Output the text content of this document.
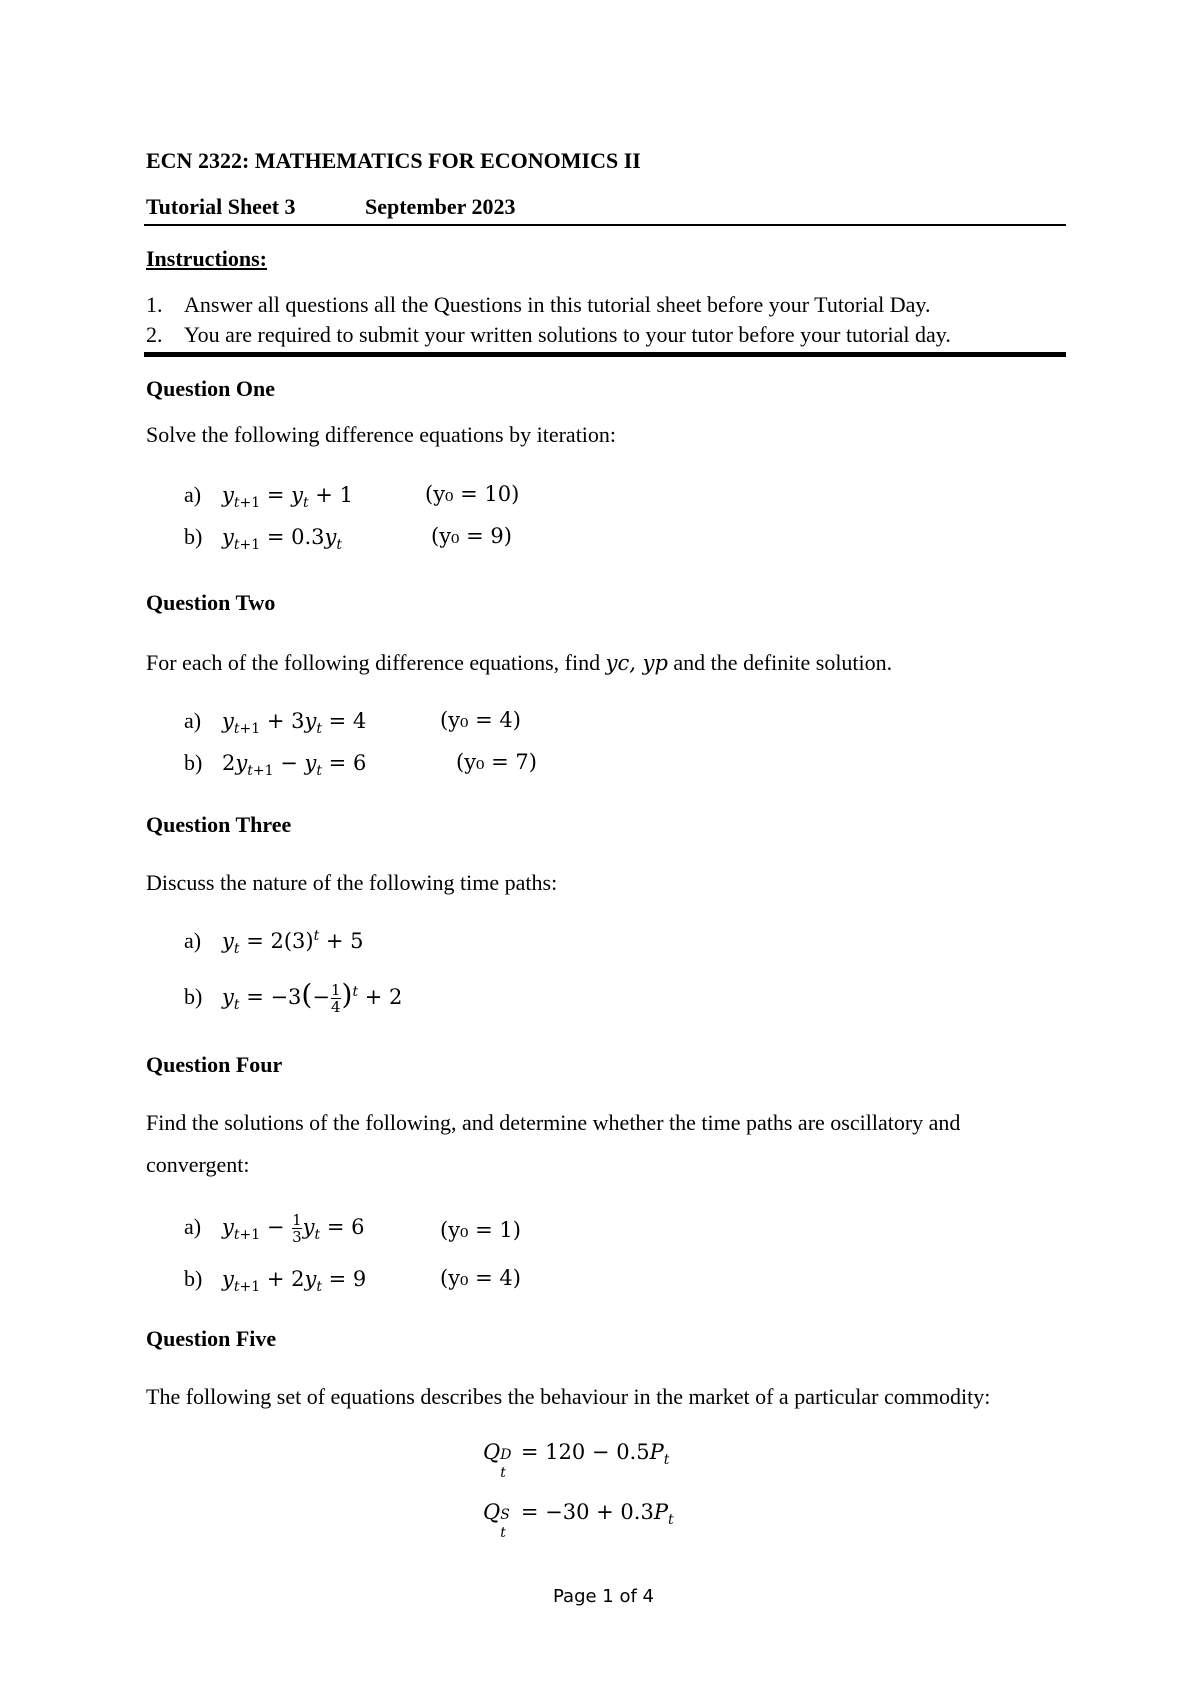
ECN 2322: MATHEMATICS FOR ECONOMICS II
Tutorial Sheet 3	September 2023
Instructions:
1. Answer all questions all the Questions in this tutorial sheet before your Tutorial Day.
2. You are required to submit your written solutions to your tutor before your tutorial day.
Question One
Solve the following difference equations by iteration:
a) $y_{t+1} = y_t + 1$	(y₀ = 10)
b) $y_{t+1} = 0.3y_t$	(y₀ = 9)
Question Two
For each of the following difference equations, find yc, yp and the definite solution.
a) $y_{t+1} + 3y_t = 4$	(y₀ = 4)
b) $2y_{t+1} - y_t = 6$	(y₀ = 7)
Question Three
Discuss the nature of the following time paths:
a) $y_t = 2(3)^t + 5$
b) $y_t = -3(- \frac{1}{4} )^t + 2$
Question Four
Find the solutions of the following, and determine whether the time paths are oscillatory and
convergent:
a) $y_{t+1} - \frac{1}{3} y_t = 6$	(y₀ = 1)
b) $y_{t+1} + 2y_t = 9$	(y₀ = 4)
Question Five
The following set of equations describes the behaviour in the market of a particular commodity:
Q D
t
= $120 - 0.5P_t$
Q S
t
= $-30 + 0.3P_t$
Page 1 of 4
